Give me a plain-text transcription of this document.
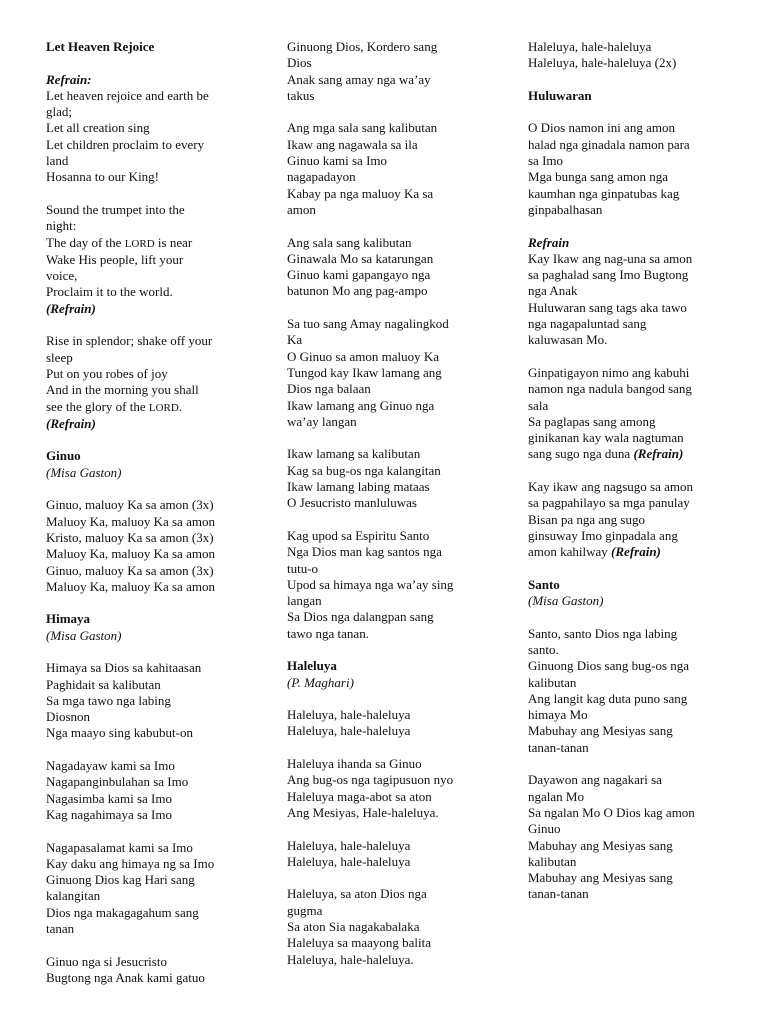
Let Heaven Rejoice
Refrain:
Let heaven rejoice and earth be
glad;
Let all creation sing
Let children proclaim to every
land
Hosanna to our King!
Sound the trumpet into the
night:
The day of the LORD is near
Wake His people, lift your
voice,
Proclaim it to the world.
(Refrain)
Rise in splendor; shake off your
sleep
Put on you robes of joy
And in the morning you shall
see the glory of the LORD.
(Refrain)
Ginuo
(Misa Gaston)
Ginuo, maluoy Ka sa amon (3x)
Maluoy Ka, maluoy Ka sa amon
Kristo, maluoy Ka sa amon (3x)
Maluoy Ka, maluoy Ka sa amon
Ginuo, maluoy Ka sa amon (3x)
Maluoy Ka, maluoy Ka sa amon
Himaya
(Misa Gaston)
Himaya sa Dios sa kahitaasan
Paghidait sa kalibutan
Sa mga tawo nga labing
Diosnon
Nga maayo sing kabubut-on
Nagadayaw kami sa Imo
Nagapanginbulahan sa Imo
Nagasimba kami sa Imo
Kag nagahimaya sa Imo
Nagapasalamat kami sa Imo
Kay daku ang himaya ng sa Imo
Ginuong Dios kag Hari sang
kalangitan
Dios nga makagagahum sang
tanan
Ginuo nga si Jesucristo
Bugtong nga Anak kami gatuo
Ginuong Dios, Kordero sang
Dios
Anak sang amay nga wa’ay
takus
Ang mga sala sang kalibutan
Ikaw ang nagawala sa ila
Ginuo kami sa Imo
nagapadayon
Kabay pa nga maluoy Ka sa
amon
Ang sala sang kalibutan
Ginawala Mo sa katarungan
Ginuo kami gapangayo nga
batunon Mo ang pag-ampo
Sa tuo sang Amay nagalingkod
Ka
O Ginuo sa amon maluoy Ka
Tungod kay Ikaw lamang ang
Dios nga balaan
Ikaw lamang ang Ginuo nga
wa’ay langan
Ikaw lamang sa kalibutan
Kag sa bug-os nga kalangitan
Ikaw lamang labing mataas
O Jesucristo manluluwas
Kag upod sa Espiritu Santo
Nga Dios man kag santos nga
tutu-o
Upod sa himaya nga wa’ay sing
langan
Sa Dios nga dalangpan sang
tawo nga tanan.
Haleluya
(P. Maghari)
Haleluya, hale-haleluya
Haleluya, hale-haleluya
Haleluya ihanda sa Ginuo
Ang bug-os nga tagipusuon nyo
Haleluya maga-abot sa aton
Ang Mesiyas, Hale-haleluya.
Haleluya, hale-haleluya
Haleluya, hale-haleluya
Haleluya, sa aton Dios nga
gugma
Sa aton Sia nagakabalaka
Haleluya sa maayong balita
Haleluya, hale-haleluya.
Haleluya, hale-haleluya
Haleluya, hale-haleluya (2x)
Huluwaran
O Dios namon ini ang amon
halad nga ginadala namon para
sa Imo
Mga bunga sang amon nga
kaumhan nga ginpatubas kag
ginpabalhasan
Refrain
Kay Ikaw ang nag-una sa amon
sa paghalad sang Imo Bugtong
nga Anak
Huluwaran sang tags aka tawo
nga nagapaluntad sang
kaluwasan Mo.
Ginpatigayon nimo ang kabuhi
namon nga nadula bangod sang
sala
Sa paglapas sang among
ginikanan kay wala nagtuman
sang sugo nga duna (Refrain)
Kay ikaw ang nagsugo sa amon
sa pagpahilayo sa mga panulay
Bisan pa nga ang sugo
ginsuway Imo ginpadala ang
amon kahilway (Refrain)
Santo
(Misa Gaston)
Santo, santo Dios nga labing
santo.
Ginuong Dios sang bug-os nga
kalibutan
Ang langit kag duta puno sang
himaya Mo
Mabuhay ang Mesiyas sang
tanan-tanan
Dayawon ang nagakari sa
ngalan Mo
Sa ngalan Mo O Dios kag amon
Ginuo
Mabuhay ang Mesiyas sang
kalibutan
Mabuhay ang Mesiyas sang
tanan-tanan
